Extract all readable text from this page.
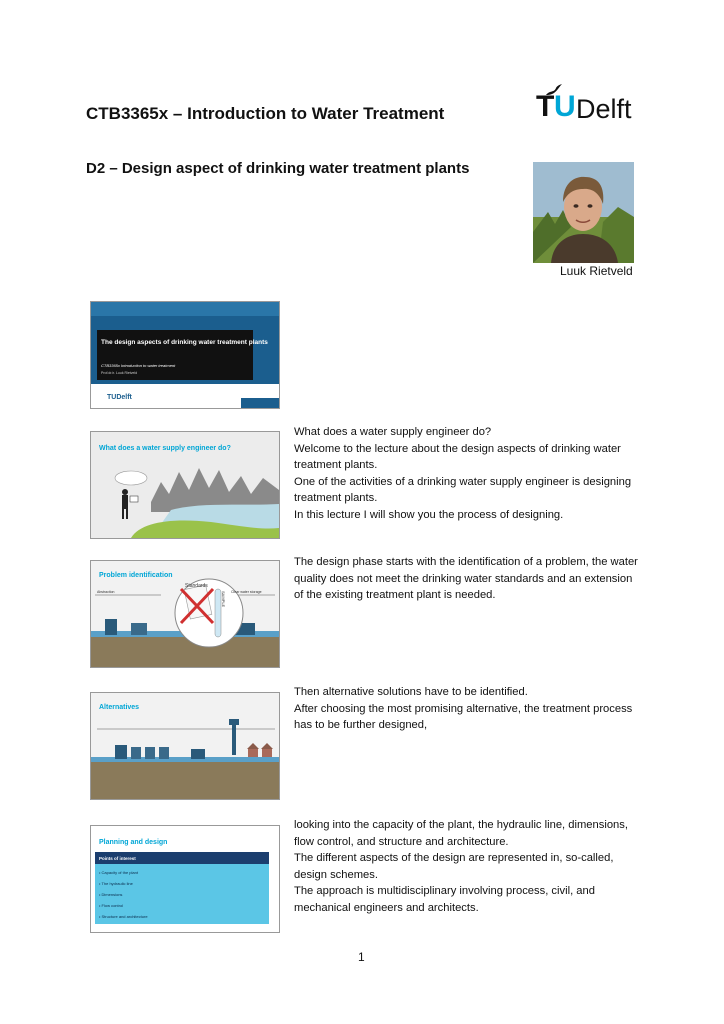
CTB3365x – Introduction to Water Treatment	T U Delft
D2 – Design aspect of drinking water treatment plants
Luuk Rietveld
The design aspects of drinking water treatment plants
CTB3365x Introduction to water treatment
Prof.dr.ir. Luuk Rietveld
TUDelft
What does a water supply engineer do?

What does a water supply engineer do?

Welcome to the lecture about the design aspects of drinking water treatment plants.

One of the activities of a drinking water supply engineer is designing treatment plants.

In this lecture I will show you the process of designing.

Standards
SAMPLE
Abstraction	Clear water storage
Problem identification

The design phase starts with the identification of a problem, the water quality does not meet the drinking water standards and an extension of the existing treatment plant is needed.

Alternatives

Then alternative solutions have to be identified.

After choosing the most promising alternative, the treatment process has to be further designed,

Planning and design
Points of interest
• Capacity of the plant
• The hydraulic line
• Dimensions
• Flow control
• Structure and architecture

looking into the capacity of the plant, the hydraulic line, dimensions, flow control, and structure and architecture.

The different aspects of the design are represented in, so-called, design schemes.

The approach is multidisciplinary involving process, civil, and mechanical engineers and architects.

1
